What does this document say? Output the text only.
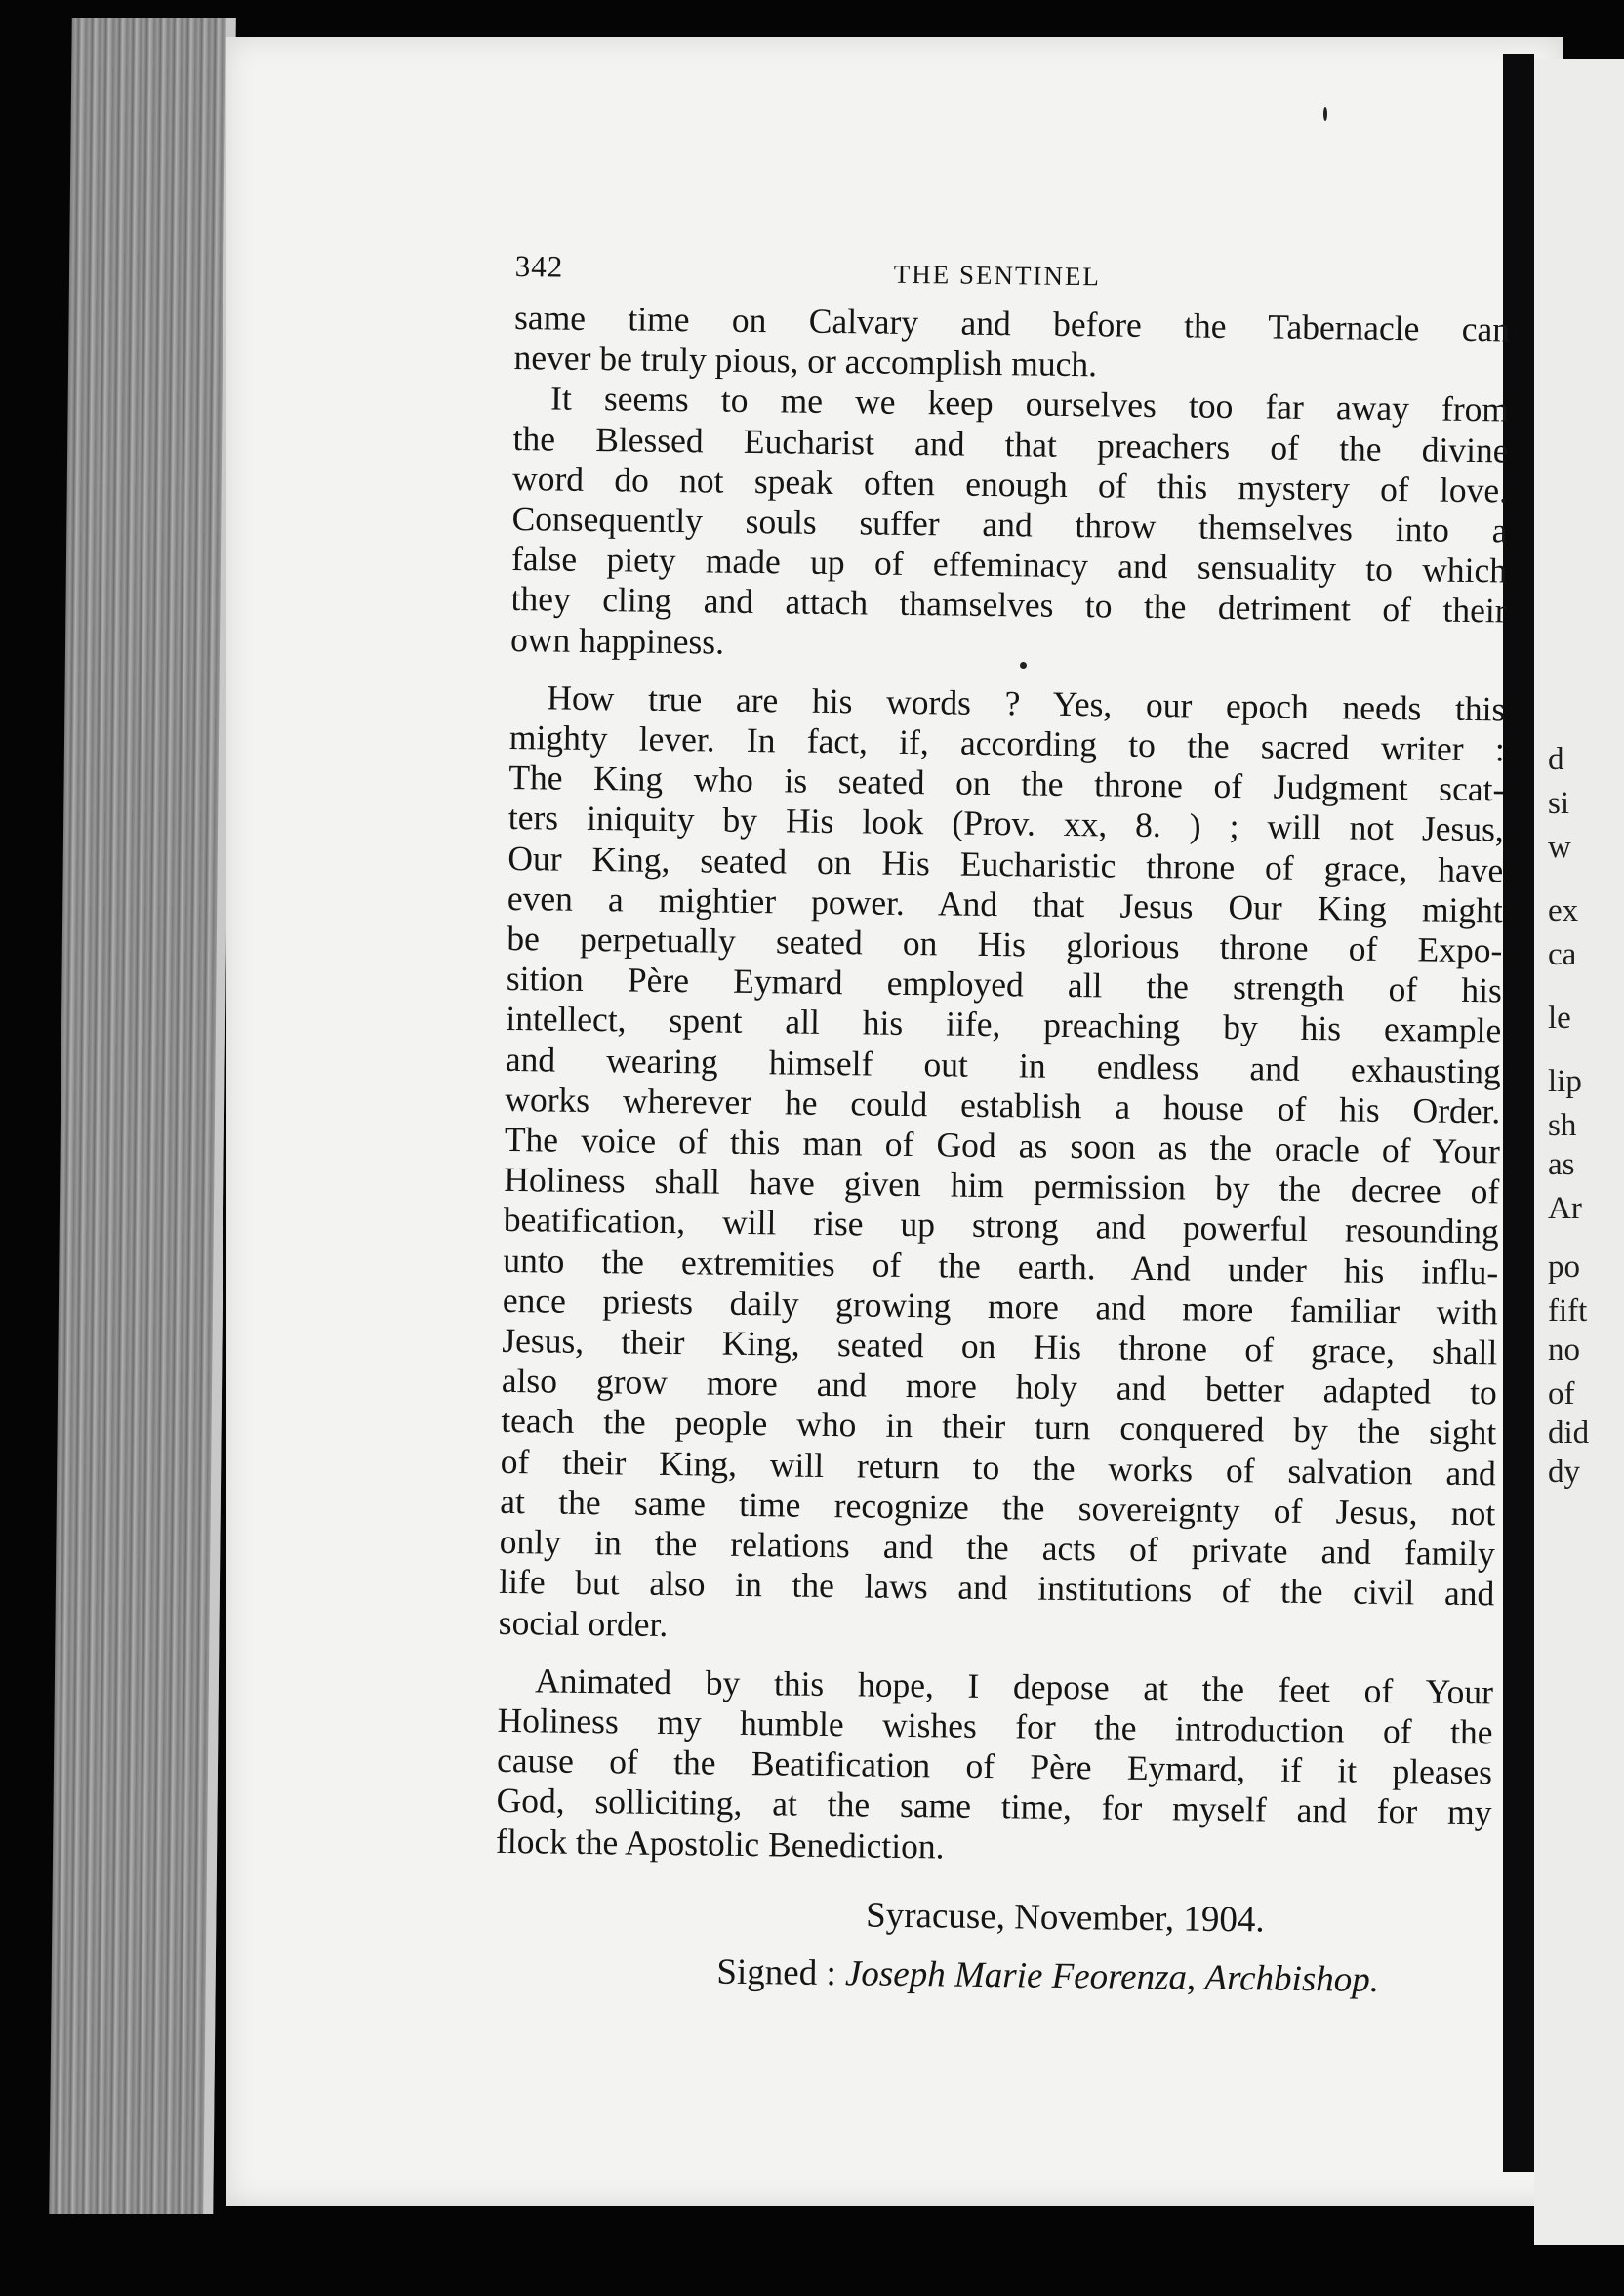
d
si
w
ex
ca
le
lip
sh
as
Ar
po
fift
no
of
did
dy
342	THE SENTINEL
same time on Calvary and before the Tabernacle can
never be truly pious, or accomplish much.
It seems to me we keep ourselves too far away from
the Blessed Eucharist and that preachers of the divine
word do not speak often enough of this mystery of love.
Consequently souls suffer and throw themselves into a
false piety made up of effeminacy and sensuality to which
they cling and attach thamselves to the detriment of their
own happiness.
How true are his words ? Yes, our epoch needs this
mighty lever. In fact, if, according to the sacred writer :
The King who is seated on the throne of Judgment scat-
ters iniquity by His look (Prov. xx, 8. ) ; will not Jesus,
Our King, seated on His Eucharistic throne of grace, have
even a mightier power. And that Jesus Our King might
be perpetually seated on His glorious throne of Expo-
sition Père Eymard employed all the strength of his
intellect, spent all his iife, preaching by his example
and wearing himself out in endless and exhausting
works wherever he could establish a house of his Order.
The voice of this man of God as soon as the oracle of Your
Holiness shall have given him permission by the decree of
beatification, will rise up strong and powerful resounding
unto the extremities of the earth. And under his influ-
ence priests daily growing more and more familiar with
Jesus, their King, seated on His throne of grace, shall
also grow more and more holy and better adapted to
teach the people who in their turn conquered by the sight
of their King, will return to the works of salvation and
at the same time recognize the sovereignty of Jesus, not
only in the relations and the acts of private and family
life but also in the laws and institutions of the civil and
social order.
Animated by this hope, I depose at the feet of Your
Holiness my humble wishes for the introduction of the
cause of the Beatification of Père Eymard, if it pleases
God, solliciting, at the same time, for myself and for my
flock the Apostolic Benediction.
Syracuse, November, 1904.
Signed : Joseph Marie Feorenza, Archbishop.
